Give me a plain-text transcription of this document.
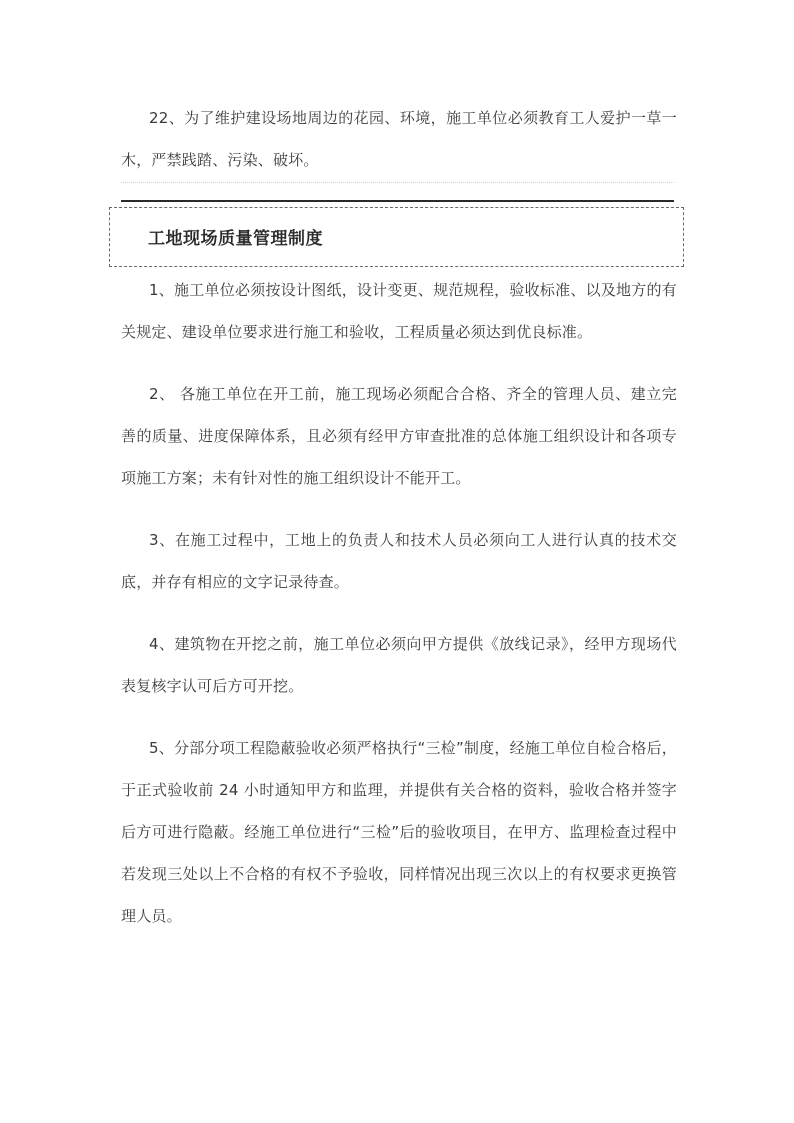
22、为了维护建设场地周边的花园、环境，施工单位必须教育工人爱护一草一木，严禁践踏、污染、破坏。

工地现场质量管理制度

1、施工单位必须按设计图纸，设计变更、规范规程，验收标准、以及地方的有关规定、建设单位要求进行施工和验收，工程质量必须达到优良标准。

2、 各施工单位在开工前，施工现场必须配合合格、齐全的管理人员、建立完善的质量、进度保障体系，且必须有经甲方审查批准的总体施工组织设计和各项专项施工方案；未有针对性的施工组织设计不能开工。

3、在施工过程中，工地上的负责人和技术人员必须向工人进行认真的技术交底，并存有相应的文字记录待查。

4、建筑物在开挖之前，施工单位必须向甲方提供《放线记录》，经甲方现场代表复核字认可后方可开挖。

5、分部分项工程隐蔽验收必须严格执行“三检”制度，经施工单位自检合格后，于正式验收前 24 小时通知甲方和监理，并提供有关合格的资料，验收合格并签字后方可进行隐蔽。经施工单位进行“三检”后的验收项目，在甲方、监理检查过程中若发现三处以上不合格的有权不予验收，同样情况出现三次以上的有权要求更换管理人员。
